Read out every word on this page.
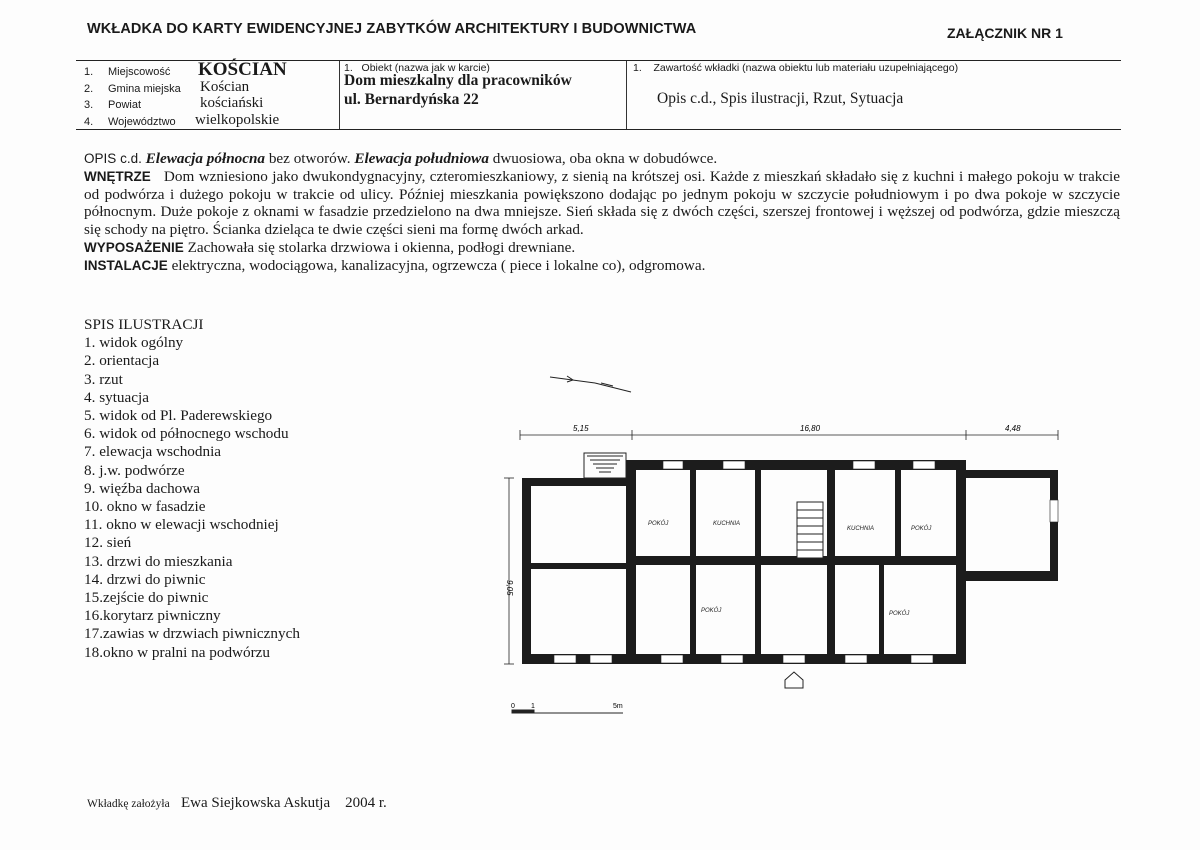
WKŁADKA DO KARTY EWIDENCYJNEJ ZABYTKÓW ARCHITEKTURY I BUDOWNICTWA	ZAŁĄCZNIK NR 1
1. Miejscowość KOŚCIAN
2. Gmina miejska Kościan
3. Powiat	kościański
4. Województwo wielkopolskie
1. Obiekt (nazwa jak w karcie)
Dom mieszkalny dla pracowników
ul. Bernardyńska 22
1. Zawartość wkładki (nazwa obiektu lub materiału uzupełniającego)
Opis c.d., Spis ilustracji, Rzut, Sytuacja
OPIS c.d. Elewacja północna bez otworów. Elewacja południowa dwuosiowa, oba okna w dobudówce.
WNĘTRZE Dom wzniesiono jako dwukondygnacyjny, czteromieszkaniowy, z sienią na krótszej osi. Każde z mieszkań składało się z kuchni i małego pokoju w trakcie od podwórza i dużego pokoju w trakcie od ulicy. Później mieszkania powiększono dodając po jednym pokoju w szczycie południowym i po dwa pokoje w szczycie północnym. Duże pokoje z oknami w fasadzie przedzielono na dwa mniejsze. Sień składa się z dwóch części, szerszej frontowej i węższej od podwórza, gdzie mieszczą się schody na piętro. Ścianka dzieląca te dwie części sieni ma formę dwóch arkad.
WYPOSAŻENIE Zachowała się stolarka drzwiowa i okienna, podłogi drewniane.
INSTALACJE elektryczna, wodociągowa, kanalizacyjna, ogrzewcza ( piece i lokalne co), odgromowa.
SPIS ILUSTRACJI
1. widok ogólny
2. orientacja
3. rzut
4. sytuacja
5. widok od Pl. Paderewskiego
6. widok od północnego wschodu
7. elewacja wschodnia
8. j.w. podwórze
9. więźba dachowa
10. okno w fasadzie
11. okno w elewacji wschodniej
12. sień
13. drzwi do mieszkania
14. drzwi do piwnic
15.zejście do piwnic
16.korytarz piwniczny
17.zawias w drzwiach piwnicznych
18.okno w pralni na podwórzu
5,15	16,80	4,48
9,05
POKÓJ	KUCHNIA
KUCHNIA	POKÓJ
POKÓJ	POKÓJ
0 1	5m
Wkładkę założyła Ewa Siejkowska Askutja 2004 r.
